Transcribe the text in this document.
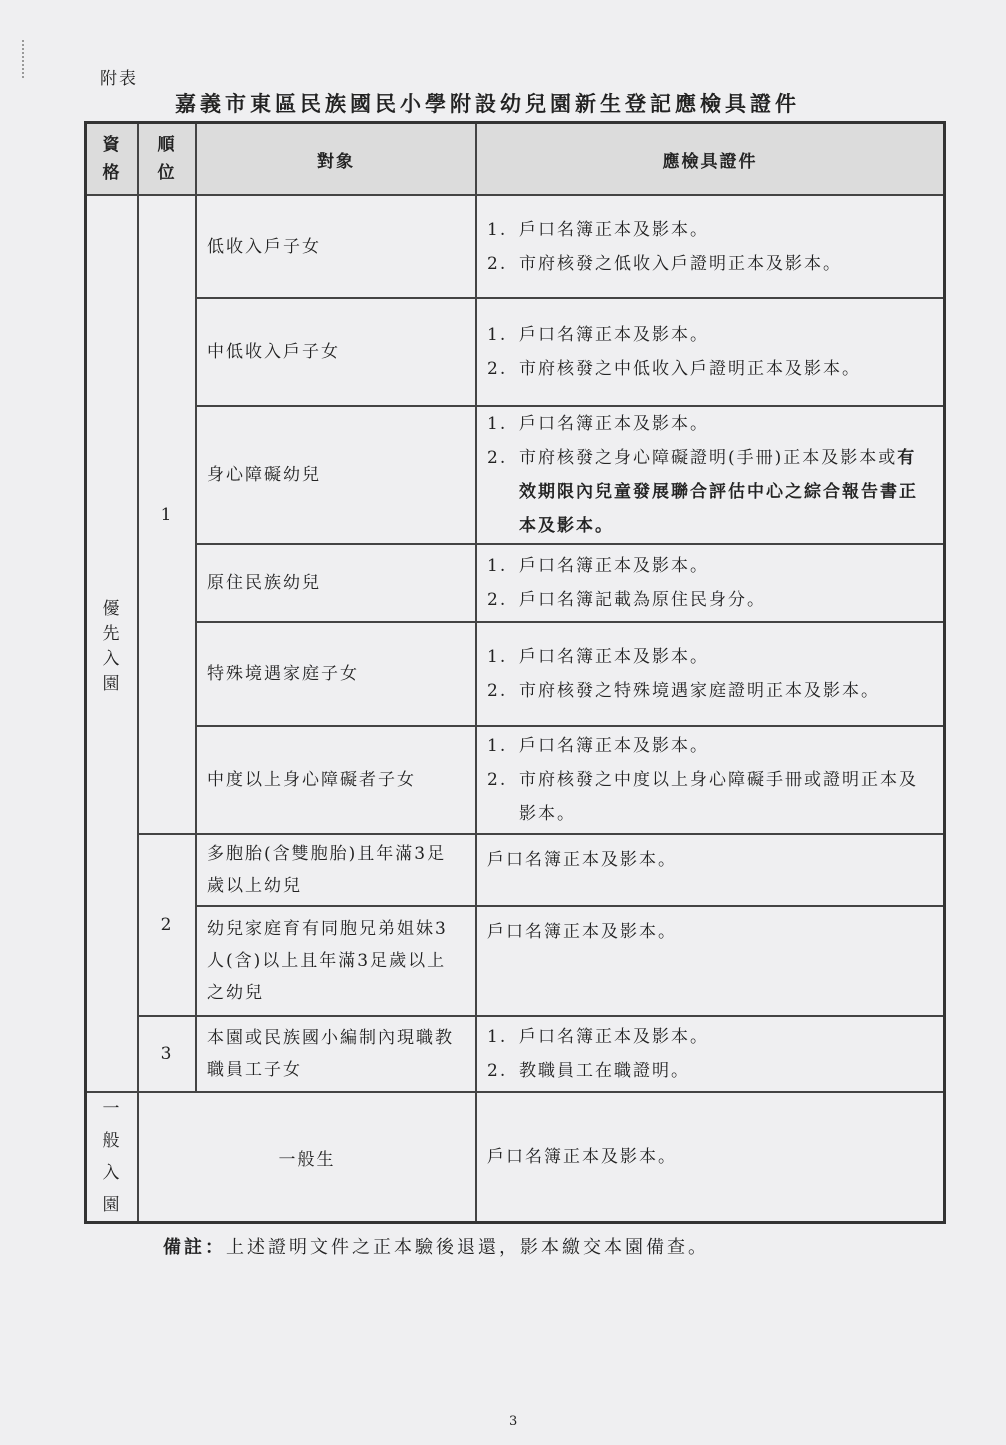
附表
嘉義市東區民族國民小學附設幼兒園新生登記應檢具證件
資格	順位	對象	應檢具證件
優先入園	1	低收入戶子女	1. 戶口名簿正本及影本。
2. 市府核發之低收入戶證明正本及影本。

		中低收入戶子女	1. 戶口名簿正本及影本。
2. 市府核發之中低收入戶證明正本及影本。

		身心障礙幼兒	1. 戶口名簿正本及影本。
2. 市府核發之身心障礙證明(手冊)正本及影本或有效期限內兒童發展聯合評估中心之綜合報告書正本及影本。

		原住民族幼兒	1. 戶口名簿正本及影本。
2. 戶口名簿記載為原住民身分。

		特殊境遇家庭子女	1. 戶口名簿正本及影本。
2. 市府核發之特殊境遇家庭證明正本及影本。

		中度以上身心障礙者子女	1. 戶口名簿正本及影本。
2. 市府核發之中度以上身心障礙手冊或證明正本及影本。

	2	多胞胎(含雙胞胎)且年滿3足歲以上幼兒	戶口名簿正本及影本。
		幼兒家庭育有同胞兄弟姐妹3人(含)以上且年滿3足歲以上之幼兒	戶口名簿正本及影本。
	3	本園或民族國小編制內現職教職員工子女	1. 戶口名簿正本及影本。
2. 教職員工在職證明。

一般入園	一般生		戶口名簿正本及影本。
備註：上述證明文件之正本驗後退還，影本繳交本園備查。
3
